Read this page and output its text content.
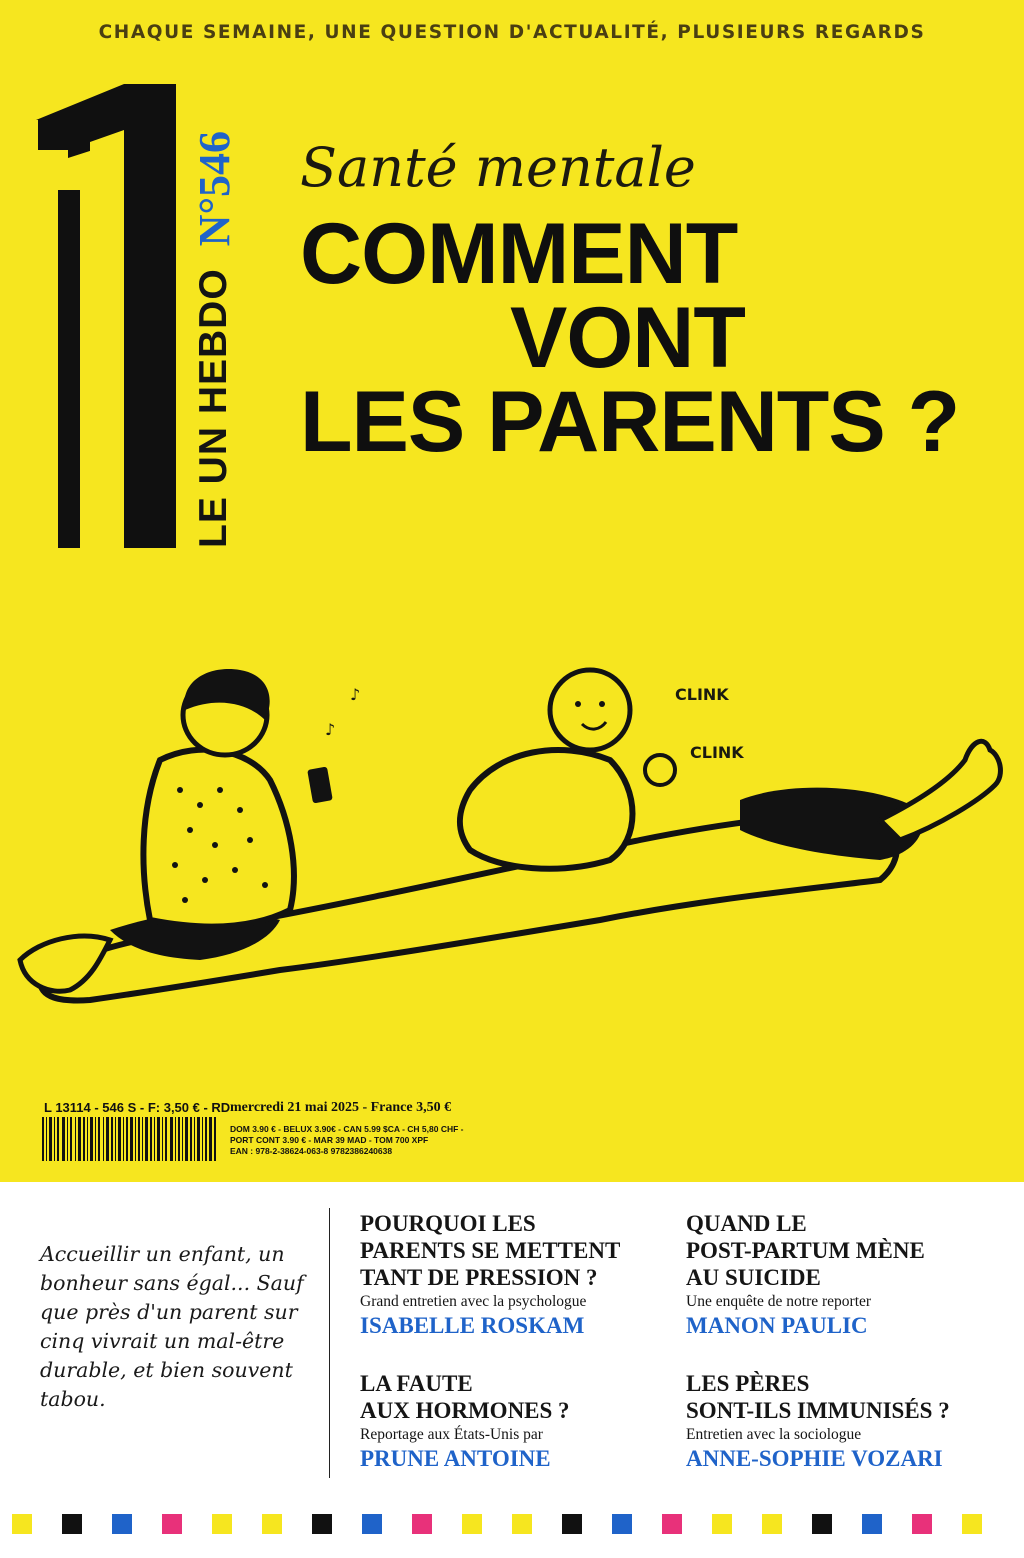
CHAQUE SEMAINE, UNE QUESTION D'ACTUALITÉ, PLUSIEURS REGARDS
LE UN HEBDO
N°546 Santé mentale
COMMENT
VONT
LES PARENTS ?
♪
♪	CLINK
CLINK
L 13114 - 546 S - F: 3,50 € - RD mercredi 21 mai 2025 - France 3,50 €
DOM 3.90 € - BELUX 3.90€ - CAN 5.99 $CA - CH 5,80 CHF -
PORT CONT 3.90 € - MAR 39 MAD - TOM 700 XPF
EAN : 978-2-38624-063-8 9782386240638
Accueillir un enfant, un bonheur sans égal... Sauf que près d'un parent sur cinq vivrait un mal-être durable, et bien souvent tabou.
POURQUOI LES
PARENTS SE METTENT
TANT DE PRESSION ?
Grand entretien avec la psychologue
ISABELLE ROSKAM
QUAND LE
POST-PARTUM MÈNE
AU SUICIDE
Une enquête de notre reporter
MANON PAULIC
LA FAUTE
AUX HORMONES ?
Reportage aux États-Unis par
PRUNE ANTOINE
LES PÈRES
SONT-ILS IMMUNISÉS ?
Entretien avec la sociologue
ANNE-SOPHIE VOZARI
